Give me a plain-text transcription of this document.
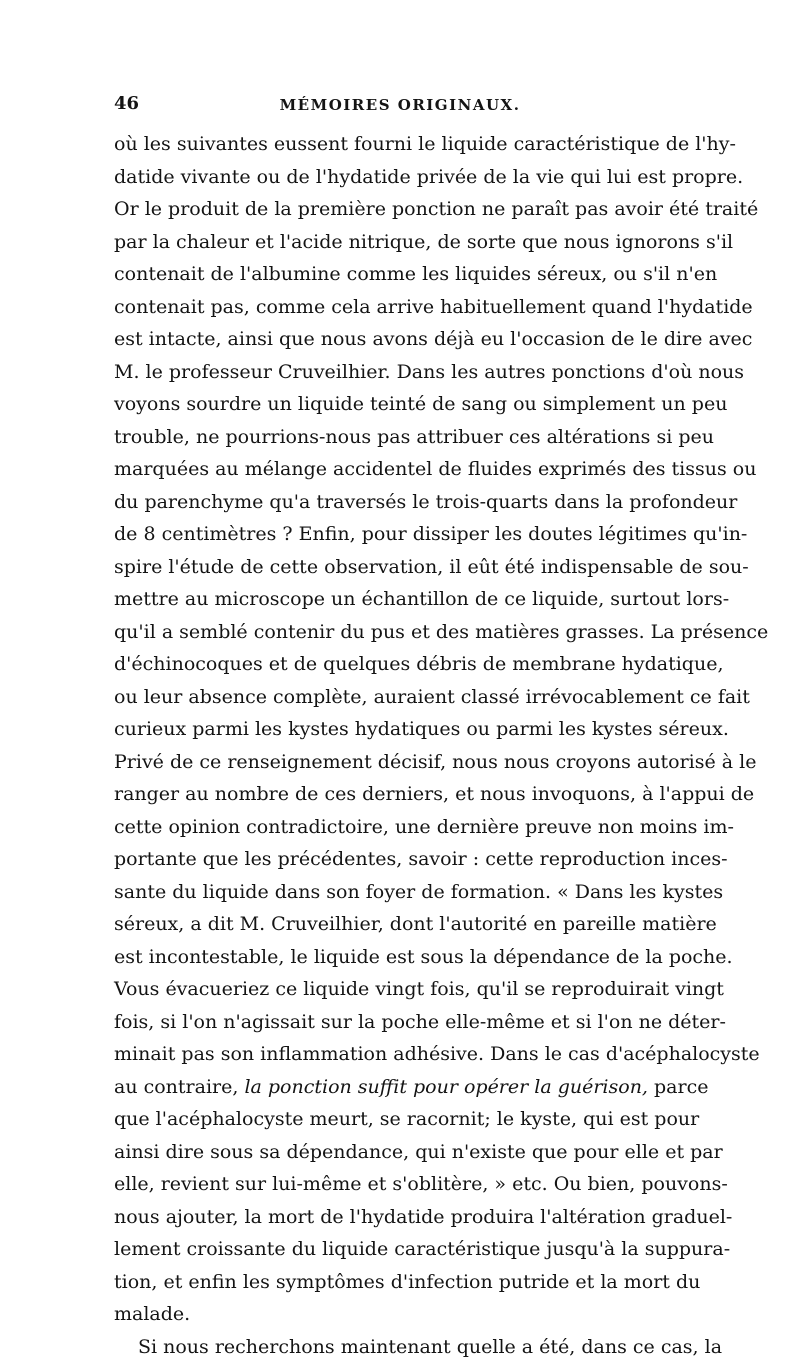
46	MÉMOIRES ORIGINAUX.
où les suivantes eussent fourni le liquide caractéristique de l'hy-
datide vivante ou de l'hydatide privée de la vie qui lui est propre.
Or le produit de la première ponction ne paraît pas avoir été traité
par la chaleur et l'acide nitrique, de sorte que nous ignorons s'il
contenait de l'albumine comme les liquides séreux, ou s'il n'en
contenait pas, comme cela arrive habituellement quand l'hydatide
est intacte, ainsi que nous avons déjà eu l'occasion de le dire avec
M. le professeur Cruveilhier. Dans les autres ponctions d'où nous
voyons sourdre un liquide teinté de sang ou simplement un peu
trouble, ne pourrions-nous pas attribuer ces altérations si peu
marquées au mélange accidentel de fluides exprimés des tissus ou
du parenchyme qu'a traversés le trois-quarts dans la profondeur
de 8 centimètres ? Enfin, pour dissiper les doutes légitimes qu'in-
spire l'étude de cette observation, il eût été indispensable de sou-
mettre au microscope un échantillon de ce liquide, surtout lors-
qu'il a semblé contenir du pus et des matières grasses. La présence
d'échinocoques et de quelques débris de membrane hydatique,
ou leur absence complète, auraient classé irrévocablement ce fait
curieux parmi les kystes hydatiques ou parmi les kystes séreux.
Privé de ce renseignement décisif, nous nous croyons autorisé à le
ranger au nombre de ces derniers, et nous invoquons, à l'appui de
cette opinion contradictoire, une dernière preuve non moins im-
portante que les précédentes, savoir : cette reproduction inces-
sante du liquide dans son foyer de formation. « Dans les kystes
séreux, a dit M. Cruveilhier, dont l'autorité en pareille matière
est incontestable, le liquide est sous la dépendance de la poche.
Vous évacueriez ce liquide vingt fois, qu'il se reproduirait vingt
fois, si l'on n'agissait sur la poche elle-même et si l'on ne déter-
minait pas son inflammation adhésive. Dans le cas d'acéphalocyste
au contraire, la ponction suffit pour opérer la guérison, parce
que l'acéphalocyste meurt, se racornit; le kyste, qui est pour
ainsi dire sous sa dépendance, qui n'existe que pour elle et par
elle, revient sur lui-même et s'oblitère, » etc. Ou bien, pouvons-
nous ajouter, la mort de l'hydatide produira l'altération graduel-
lement croissante du liquide caractéristique jusqu'à la suppura-
tion, et enfin les symptômes d'infection putride et la mort du
malade.
Si nous recherchons maintenant quelle a été, dans ce cas, la
